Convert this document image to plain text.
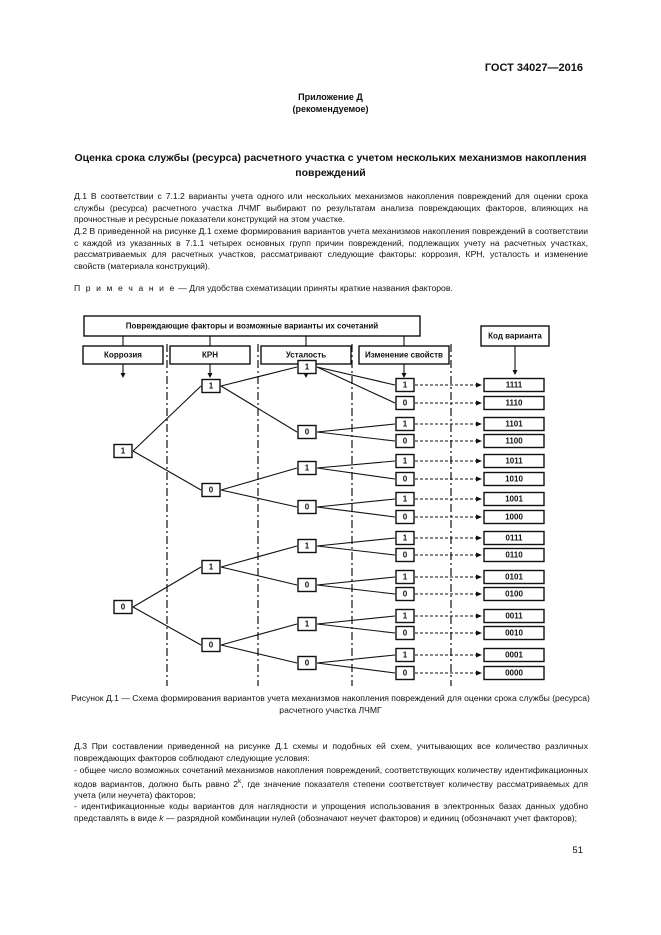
ГОСТ 34027—2016
Приложение Д
(рекомендуемое)
Оценка срока службы (ресурса) расчетного участка с учетом нескольких механизмов накопления повреждений
Д.1 В соответствии с 7.1.2 варианты учета одного или нескольких механизмов накопления повреждений для оценки срока службы (ресурса) расчетного участка ЛЧМГ выбирают по результатам анализа повреждающих факторов, влияющих на прочностные и ресурсные показатели конструкций на этом участке.
Д.2 В приведенной на рисунке Д.1 схеме формирования вариантов учета механизмов накопления повреждений в соответствии с каждой из указанных в 7.1.1 четырех основных групп причин повреждений, подлежащих учету на расчетных участках, рассматриваемых для расчетных участков, рассматривают следующие факторы: коррозия, КРН, усталость и изменение свойств (материала конструкций).
П р и м е ч а н и е — Для удобства схематизации приняты краткие названия факторов.
Повреждающие факторы и возможные варианты их сочетаний
Код варианта
Коррозия	КРН	Усталость	Изменение свойств
1
0
1
0
1
0
1
0
1
0
1
0
1
0
1
0
1
0
1
0
1
0
1
0
1
0
1
0
1
0
1111
1110
1101
1100
1011
1010
1001
1000
0111
0110
0101
0100
0011
0010
0001
0000
Рисунок Д.1 — Схема формирования вариантов учета механизмов накопления повреждений для оценки срока службы (ресурса) расчетного участка ЛЧМГ
Д.3 При составлении приведенной на рисунке Д.1 схемы и подобных ей схем, учитывающих все количество различных повреждающих факторов соблюдают следующие условия:
- общее число возможных сочетаний механизмов накопления повреждений, соответствующих количеству идентификационных кодов вариантов, должно быть равно 2$^k$, где значение показателя степени соответствует количеству рассматриваемых для учета (или неучета) факторов;
- идентификационные коды вариантов для наглядности и упрощения использования в электронных базах данных удобно представлять в виде k — разрядной комбинации нулей (обозначают неучет факторов) и единиц (обозначают учет факторов);
51
